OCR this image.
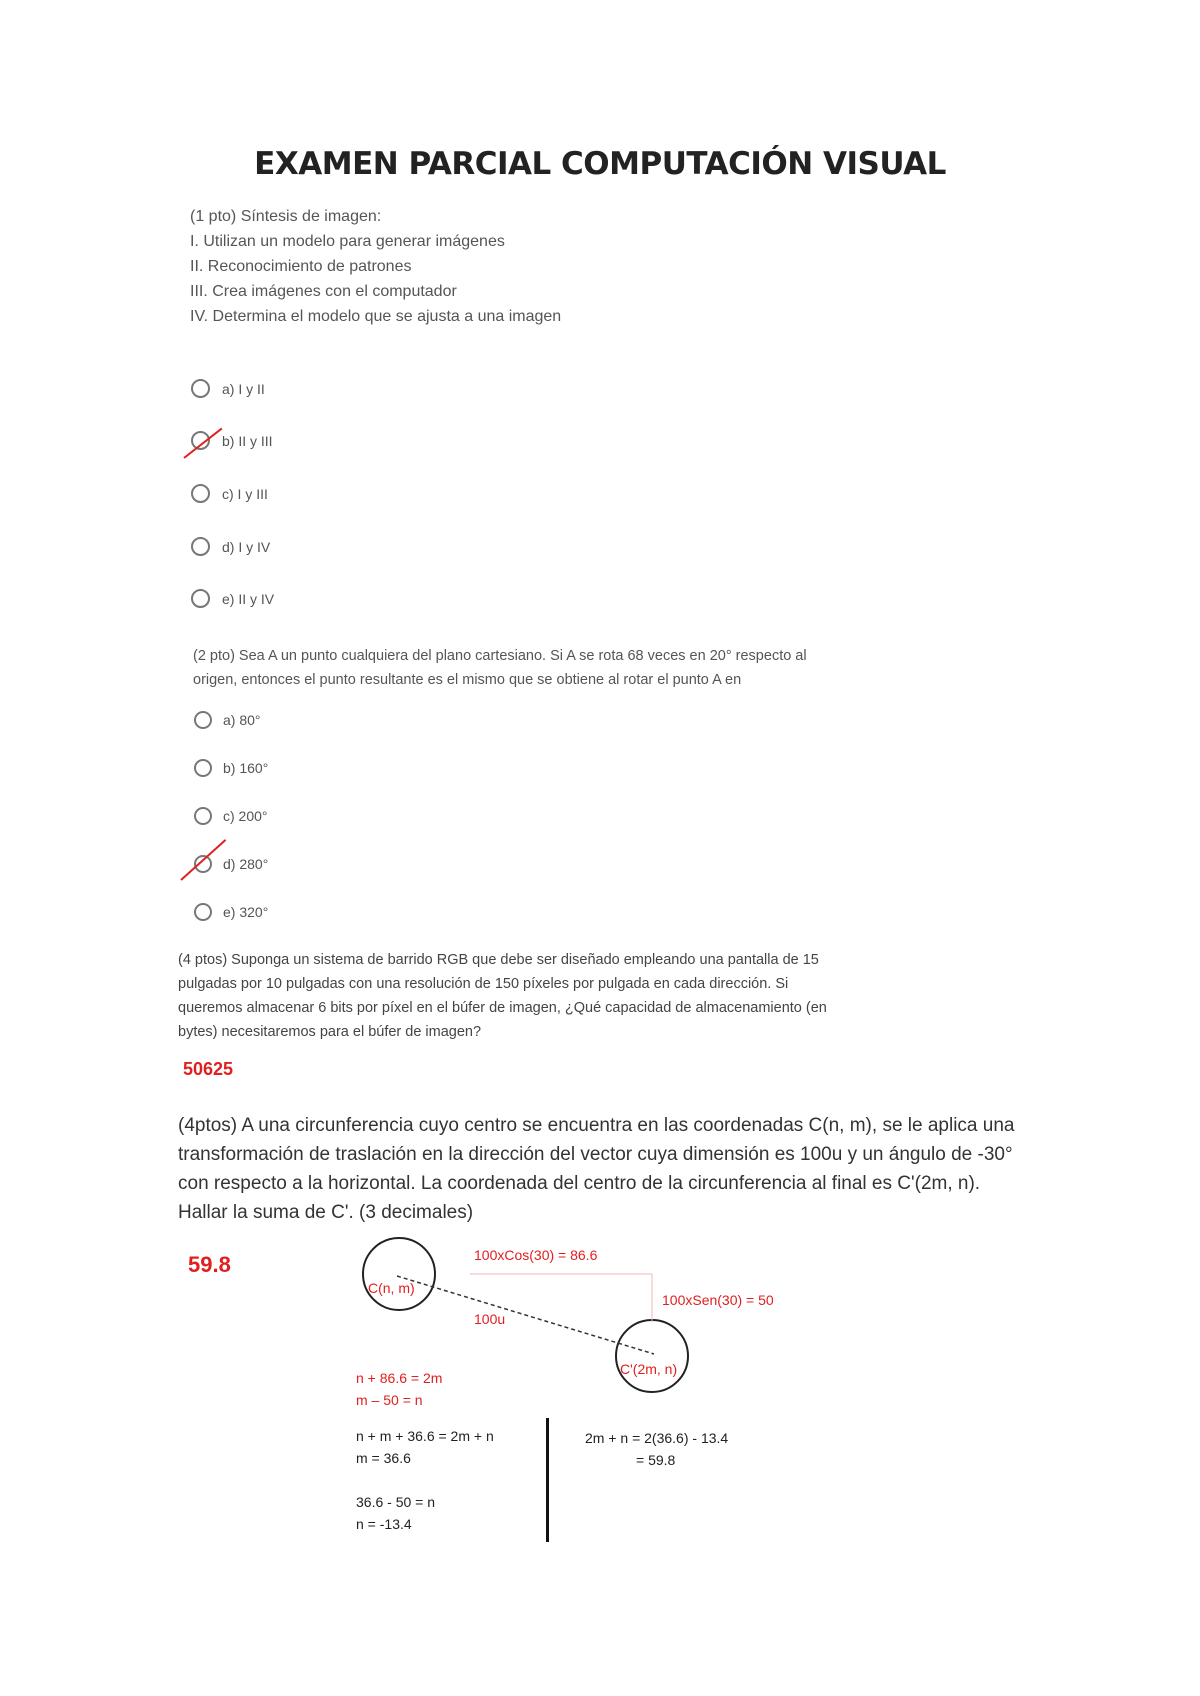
EXAMEN PARCIAL COMPUTACIÓN VISUAL
(1 pto) Síntesis de imagen:
I. Utilizan un modelo para generar imágenes
II. Reconocimiento de patrones
III. Crea imágenes con el computador
IV. Determina el modelo que se ajusta a una imagen
a) I y II
b) II y III
c) I y III
d) I y IV
e) II y IV
(2 pto) Sea A un punto cualquiera del plano cartesiano. Si A se rota 68 veces en 20° respecto al
origen, entonces el punto resultante es el mismo que se obtiene al rotar el punto A en
a) 80°
b) 160°
c) 200°
d) 280°
e) 320°
(4 ptos) Suponga un sistema de barrido RGB que debe ser diseñado empleando una pantalla de 15
pulgadas por 10 pulgadas con una resolución de 150 píxeles por pulgada en cada dirección. Si
queremos almacenar 6 bits por píxel en el búfer de imagen, ¿Qué capacidad de almacenamiento (en
bytes) necesitaremos para el búfer de imagen?
50625
(4ptos) A una circunferencia cuyo centro se encuentra en las coordenadas C(n, m), se le aplica una
transformación de traslación en la dirección del vector cuya dimensión es 100u y un ángulo de -30°
con respecto a la horizontal. La coordenada del centro de la circunferencia al final es C'(2m, n).
Hallar la suma de C'. (3 decimales)
59.8	100xCos(30) = 86.6
100xSen(30) = 50
100u
C(n, m)
C'(2m, n)
n + 86.6 = 2m
m – 50 = n
n + m + 36.6 = 2m + n
m = 36.6
36.6 - 50 = n
n = -13.4
2m + n = 2(36.6) - 13.4
= 59.8
